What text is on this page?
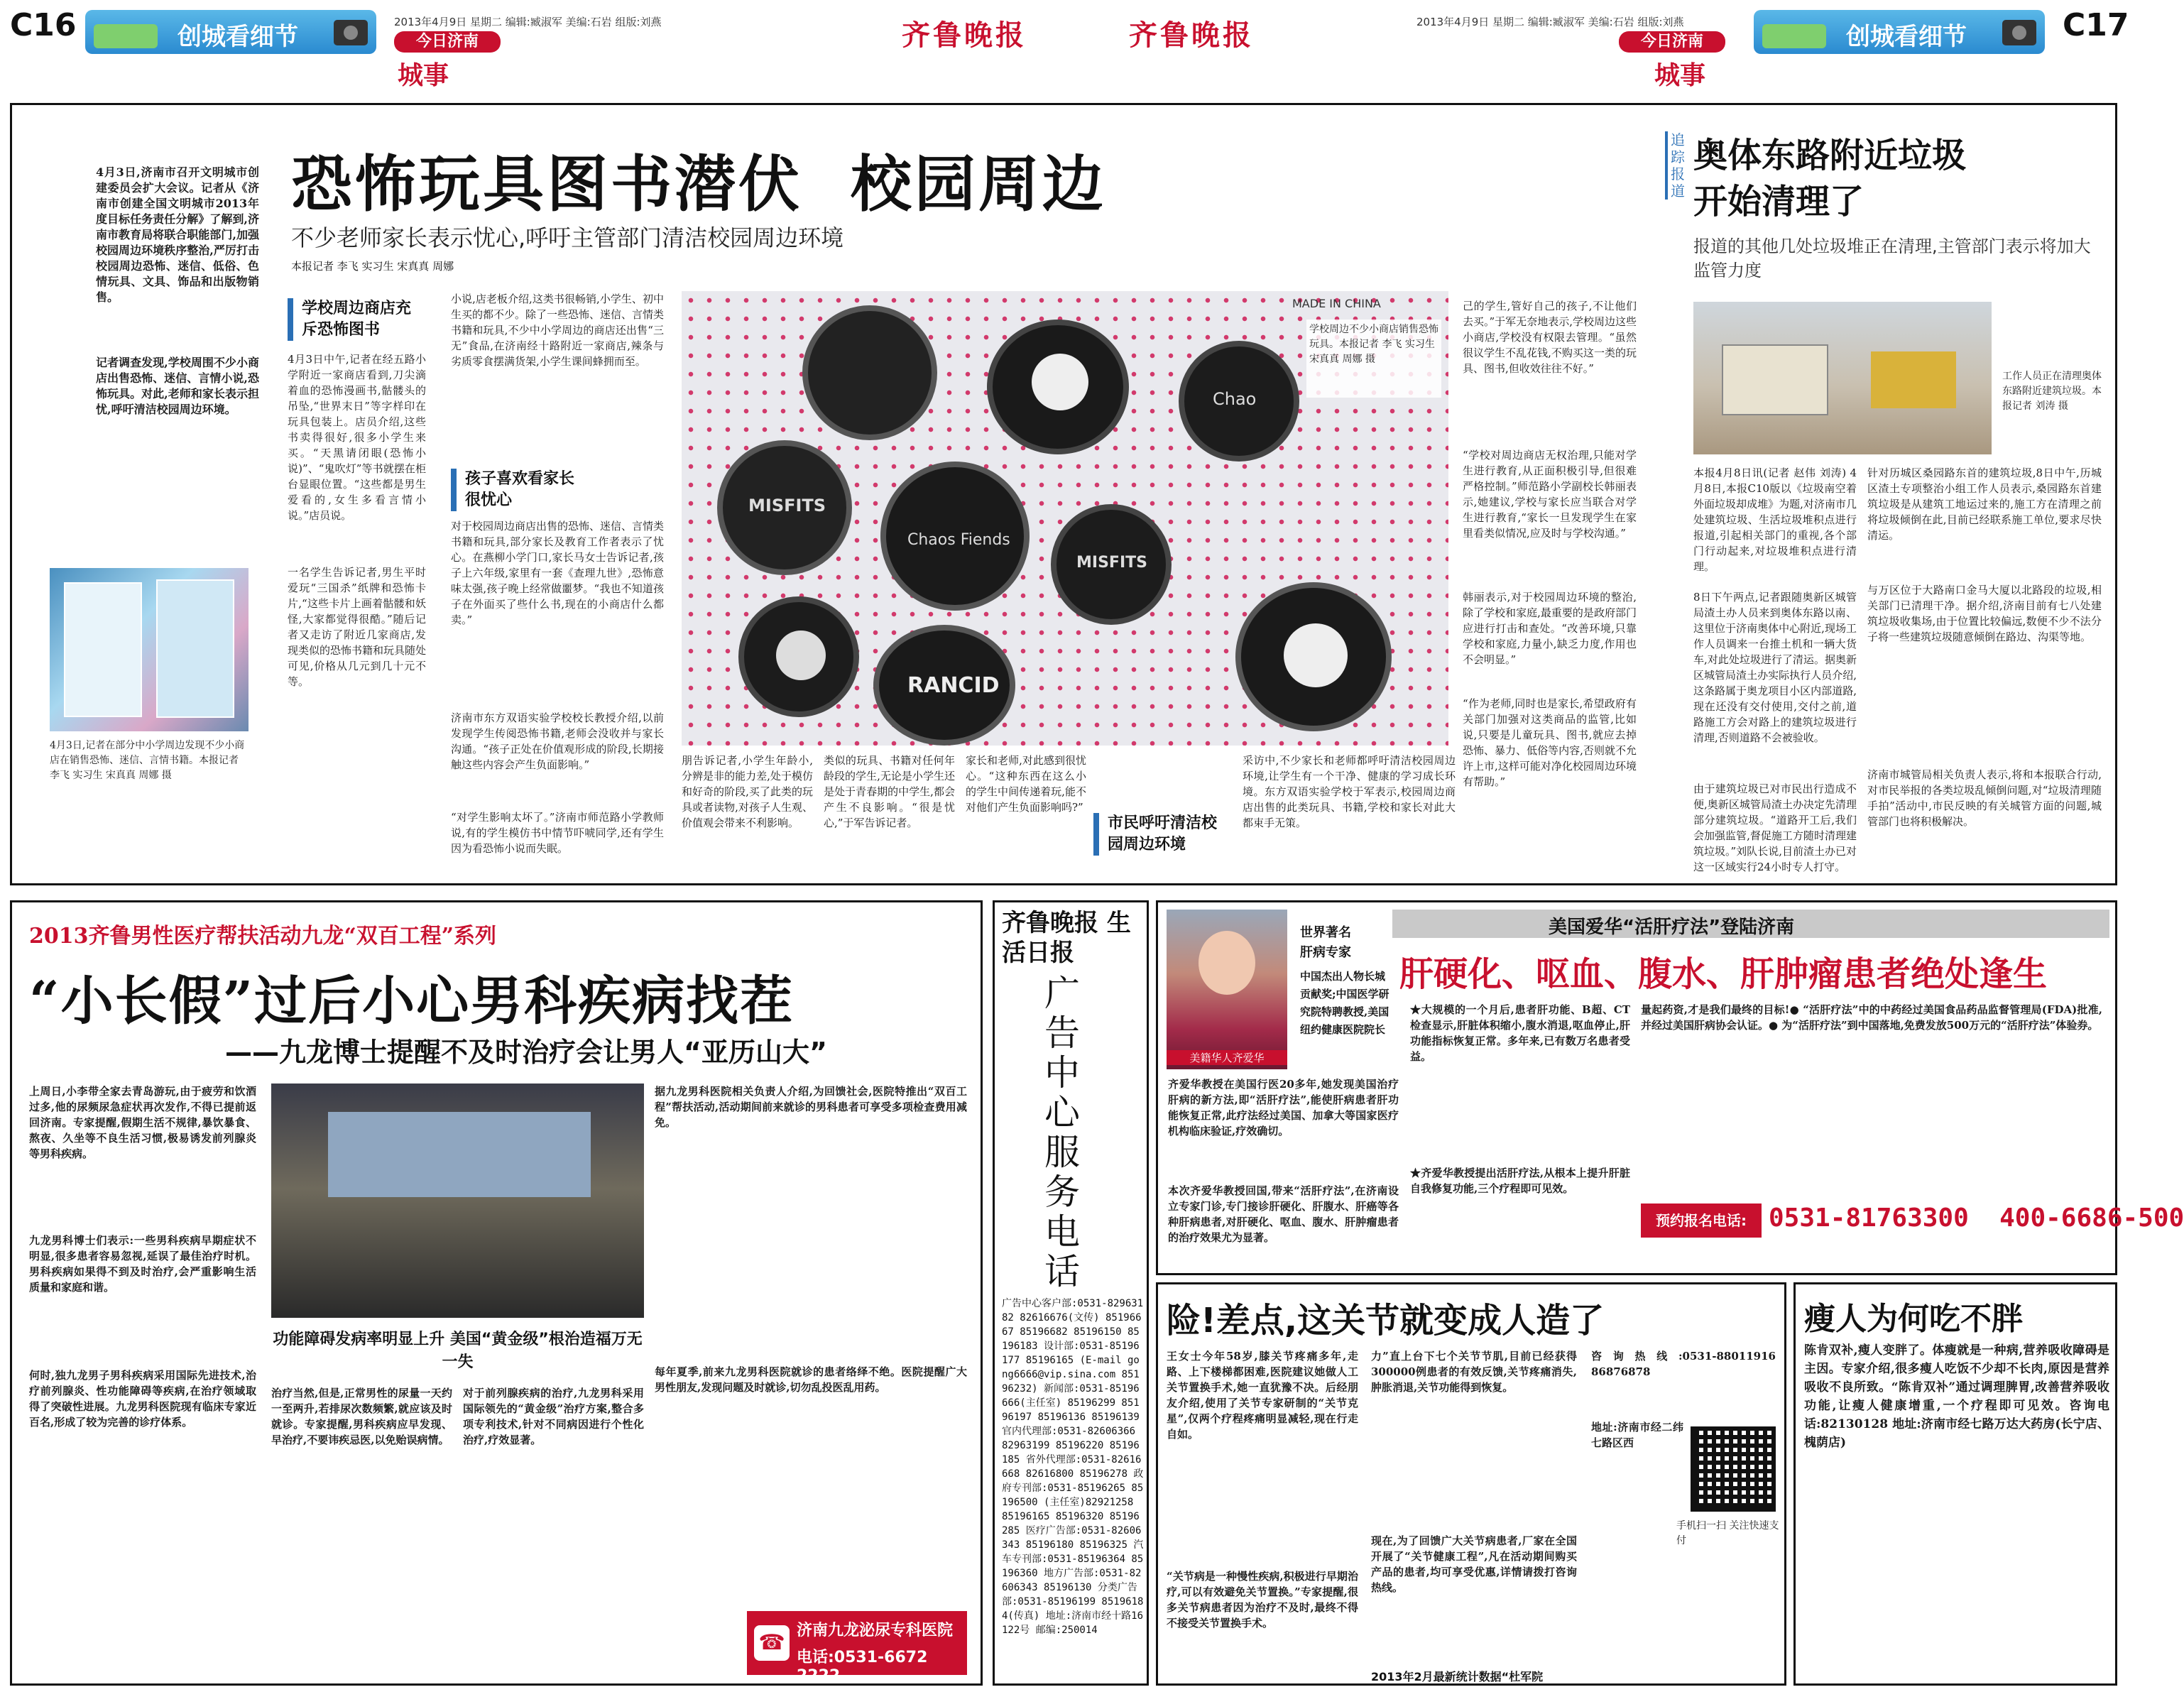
C16	创城看细节
2013年4月9日 星期二 编辑:臧淑军 美编:石岩 组版:刘燕
今日济南
城事
齐鲁晚报	齐鲁晚报	2013年4月9日 星期二 编辑:臧淑军 美编:石岩 组版:刘燕
今日济南
城事
创城看细节	C17
恐怖玩具图书潜伏  校园周边
不少老师家长表示忧心,呼吁主管部门清洁校园周边环境
本报记者 李飞 实习生 宋真真 周娜
4月3日,济南市召开文明城市创建委员会扩大会议。记者从《济南市创建全国文明城市2013年度目标任务责任分解》了解到,济南市教育局将联合职能部门,加强校园周边环境秩序整治,严厉打击校园周边恐怖、迷信、低俗、色情玩具、文具、饰品和出版物销售。
记者调查发现,学校周围不少小商店出售恐怖、迷信、言情小说,恐怖玩具。对此,老师和家长表示担忧,呼吁清洁校园周边环境。
4月3日,记者在部分中小学周边发现不少小商店在销售恐怖、迷信、言情书籍。本报记者 李飞 实习生 宋真真 周娜 摄
学校周边商店充斥恐怖图书
4月3日中午,记者在经五路小学附近一家商店看到,刀尖滴着血的恐怖漫画书,骷髅头的吊坠,“世界末日”等字样印在玩具包装上。店员介绍,这些书卖得很好,很多小学生来买。“天黑请闭眼(恐怖小说)”、“鬼吹灯”等书就摆在柜台显眼位置。“这些都是男生爱看的,女生多看言情小说。”店员说。
一名学生告诉记者,男生平时爱玩“三国杀”纸牌和恐怖卡片,“这些卡片上画着骷髅和妖怪,大家都觉得很酷。”随后记者又走访了附近几家商店,发现类似的恐怖书籍和玩具随处可见,价格从几元到几十元不等。
小说,店老板介绍,这类书很畅销,小学生、初中生买的都不少。除了一些恐怖、迷信、言情类书籍和玩具,不少中小学周边的商店还出售“三无”食品,在济南经十路附近一家商店,辣条与劣质零食摆满货架,小学生课间蜂拥而至。
孩子喜欢看家长很忧心
对于校园周边商店出售的恐怖、迷信、言情类书籍和玩具,部分家长及教育工作者表示了忧心。在燕柳小学门口,家长马女士告诉记者,孩子上六年级,家里有一套《查理九世》,恐怖意味太强,孩子晚上经常做噩梦。“我也不知道孩子在外面买了些什么书,现在的小商店什么都卖。”
济南市东方双语实验学校校长教授介绍,以前发现学生传阅恐怖书籍,老师会没收并与家长沟通。“孩子正处在价值观形成的阶段,长期接触这些内容会产生负面影响。”
“对学生影响太坏了。”济南市师范路小学教师说,有的学生模仿书中情节吓唬同学,还有学生因为看恐怖小说而失眠。
Chao
MISFITS
Chaos Fiends
MISFITS
RANCID
MADE IN CHINA
学校周边不少小商店销售恐怖玩具。本报记者 李飞 实习生 宋真真 周娜 摄
朋告诉记者,小学生年龄小,分辨是非的能力差,处于模仿和好奇的阶段,买了此类的玩具或者读物,对孩子人生观、价值观会带来不利影响。
类似的玩具、书籍对任何年龄段的学生,无论是小学生还是处于青春期的中学生,都会产生不良影响。“很是忧心,”于军告诉记者。
家长和老师,对此感到很忧心。“这种东西在这么小的学生中间传递着玩,能不对他们产生负面影响吗?”
市民呼吁清洁校园周边环境
采访中,不少家长和老师都呼吁清洁校园周边环境,让学生有一个干净、健康的学习成长环境。东方双语实验学校于军表示,校园周边商店出售的此类玩具、书籍,学校和家长对此大都束手无策。
己的学生,管好自己的孩子,不让他们去买。”于军无奈地表示,学校周边这些小商店,学校没有权限去管理。“虽然很议学生不乱花钱,不购买这一类的玩具、图书,但收效往往不好。”
“学校对周边商店无权治理,只能对学生进行教育,从正面积极引导,但很难严格控制。”师范路小学副校长韩丽表示,她建议,学校与家长应当联合对学生进行教育,“家长一旦发现学生在家里看类似情况,应及时与学校沟通。”
韩丽表示,对于校园周边环境的整治,除了学校和家庭,最重要的是政府部门应进行打击和查处。“改善环境,只靠学校和家庭,力量小,缺乏力度,作用也不会明显。”
“作为老师,同时也是家长,希望政府有关部门加强对这类商品的监管,比如说,只要是儿童玩具、图书,就应去掉恐怖、暴力、低俗等内容,否则就不允许上市,这样可能对净化校园周边环境有帮助。”
追踪报道
奥体东路附近垃圾
开始清理了
报道的其他几处垃圾堆正在清理,主管部门表示将加大监管力度
工作人员正在清理奥体东路附近建筑垃圾。本报记者 刘涛 摄
本报4月8日讯(记者 赵伟 刘涛) 4月8日,本报C10版以《垃圾南空着 外面垃圾却成堆》为题,对济南市几处建筑垃圾、生活垃圾堆积点进行报道,引起相关部门的重视,各个部门行动起来,对垃圾堆积点进行清理。
8日下午两点,记者跟随奥新区城管局渣土办人员来到奥体东路以南、这里位于济南奥体中心附近,现场工作人员调来一台推土机和一辆大货车,对此处垃圾进行了清运。据奥新区城管局渣土办实际执行人员介绍,这条路属于奥龙项目小区内部道路,现在还没有交付使用,交付之前,道路施工方会对路上的建筑垃圾进行清理,否则道路不会被验收。
由于建筑垃圾已对市民出行造成不便,奥新区城管局渣土办决定先清理部分建筑垃圾。“道路开工后,我们会加强监管,督促施工方随时清理建筑垃圾。”刘队长说,目前渣土办已对这一区域实行24小时专人打守。
针对历城区桑园路东首的建筑垃圾,8日中午,历城区渣土专项整治小组工作人员表示,桑园路东首建筑垃圾是从建筑工地运过来的,施工方在清理之前将垃圾倾倒在此,目前已经联系施工单位,要求尽快清运。
与万区位于大路南口金马大厦以北路段的垃圾,相关部门已清理干净。据介绍,济南目前有七八处建筑垃圾收集场,由于位置比较偏远,数便不少不法分子将一些建筑垃圾随意倾倒在路边、沟渠等地。
济南市城管局相关负责人表示,将和本报联合行动,对市民举报的各类垃圾乱倾倒问题,对“垃圾清理随手拍”活动中,市民反映的有关城管方面的问题,城管部门也将积极解决。
2013齐鲁男性医疗帮扶活动九龙“双百工程”系列
“小长假”过后小心男科疾病找茬
——九龙博士提醒不及时治疗会让男人“亚历山大”
上周日,小李带全家去青岛游玩,由于疲劳和饮酒过多,他的尿频尿急症状再次发作,不得已提前返回济南。专家提醒,假期生活不规律,暴饮暴食、熬夜、久坐等不良生活习惯,极易诱发前列腺炎等男科疾病。
九龙男科博士们表示:一些男科疾病早期症状不明显,很多患者容易忽视,延误了最佳治疗时机。男科疾病如果得不到及时治疗,会严重影响生活质量和家庭和谐。
何时,独九龙男子男科疾病采用国际先进技术,治疗前列腺炎、性功能障碍等疾病,在治疗领域取得了突破性进展。九龙男科医院现有临床专家近百名,形成了较为完善的诊疗体系。
功能障碍发病率明显上升 美国“黄金级”根治造福万无一失
治疗当然,但是,正常男性的尿量一天约一至两升,若排尿次数频繁,就应该及时就诊。专家提醒,男科疾病应早发现、早治疗,不要讳疾忌医,以免贻误病情。
对于前列腺疾病的治疗,九龙男科采用国际领先的“黄金级”治疗方案,整合多项专利技术,针对不同病因进行个性化治疗,疗效显著。
据九龙男科医院相关负责人介绍,为回馈社会,医院特推出“双百工程”帮扶活动,活动期间前来就诊的男科患者可享受多项检查费用减免。
每年夏季,前来九龙男科医院就诊的患者络绎不绝。医院提醒广大男性朋友,发现问题及时就诊,切勿乱投医乱用药。
☎ 济南九龙泌尿专科医院
电话:0531-6672 2222
齐鲁晚报 生活日报
广告中心服务电话
广告中心客户部:0531-82963182 82616676(文传) 85196667 85196682 85196150 85196183 设计部:0531-85196177 85196165 (E-mail gong6666@vip.sina.com 85196232) 新闻部:0531-85196666(主任室) 85196299 85196197 85196136 85196139 官内代理部:0531-82606366 82963199 85196220 85196185 省外代理部:0531-82616668 82616800 85196278 政府专刊部:0531-85196265 85196500 (主任室)82921258 85196165 85196320 85196285 医疗广告部:0531-82606343 85196180 85196325 汽车专刊部:0531-85196364 85196360 地方广告部:0531-82606343 85196130 分类广告部:0531-85196199 85196184(传真) 地址:济南市经十路16122号 邮编:250014
美籍华人齐爱华
世界著名
肝病专家
中国杰出人物长城贡献奖;中国医学研究院特聘教授,美国纽约健康医院院长
美国爱华“活肝疗法”登陆济南
肝硬化、呕血、腹水、肝肿瘤患者绝处逢生
齐爱华教授在美国行医20多年,她发现美国治疗肝病的新方法,即“活肝疗法”,能使肝病患者肝功能恢复正常,此疗法经过美国、加拿大等国家医疗机构临床验证,疗效确切。
本次齐爱华教授回国,带来“活肝疗法”,在济南设立专家门诊,专门接诊肝硬化、肝腹水、肝癌等各种肝病患者,对肝硬化、呕血、腹水、肝肿瘤患者的治疗效果尤为显著。
★大规模的一个月后,患者肝功能、B超、CT检查显示,肝脏体积缩小,腹水消退,呕血停止,肝功能指标恢复正常。多年来,已有数万名患者受益。
★齐爱华教授提出活肝疗法,从根本上提升肝脏自我修复功能,三个疗程即可见效。
量起药资,才是我们最终的目标!● “活肝疗法”中的中药经过美国食品药品监督管理局(FDA)批准,并经过美国肝病协会认证。● 为“活肝疗法”到中国落地,免费发放500万元的“活肝疗法”体验券。
预约报名电话: 0531-81763300  400-6686-500
险!差点,这关节就变成人造了
王女士今年58岁,膝关节疼痛多年,走路、上下楼梯都困难,医院建议她做人工关节置换手术,她一直犹豫不决。后经朋友介绍,使用了关节专家研制的“关节克星”,仅两个疗程疼痛明显减轻,现在行走自如。
“关节病是一种慢性疾病,积极进行早期治疗,可以有效避免关节置换。”专家提醒,很多关节病患者因为治疗不及时,最终不得不接受关节置换手术。
力”直上台下七个关节节肌,目前已经获得300000例患者的有效反馈,关节疼痛消失,肿胀消退,关节功能得到恢复。
现在,为了回馈广大关节病患者,厂家在全国开展了“关节健康工程”,凡在活动期间购买产品的患者,均可享受优惠,详情请拨打咨询热线。
咨询热线:0531-88011916 86876878
地址:济南市经二纬七路区西
手机扫一扫 关注快速支付
2013年2月最新统计数据“杜军院
瘦人为何吃不胖
陈肯双补,瘦人变胖了。体瘦就是一种病,营养吸收障碍是主因。专家介绍,很多瘦人吃饭不少却不长肉,原因是营养吸收不良所致。“陈肯双补”通过调理脾胃,改善营养吸收功能,让瘦人健康增重,一个疗程即可见效。咨询电话:82130128 地址:济南市经七路万达大药房(长宁店、槐荫店)
